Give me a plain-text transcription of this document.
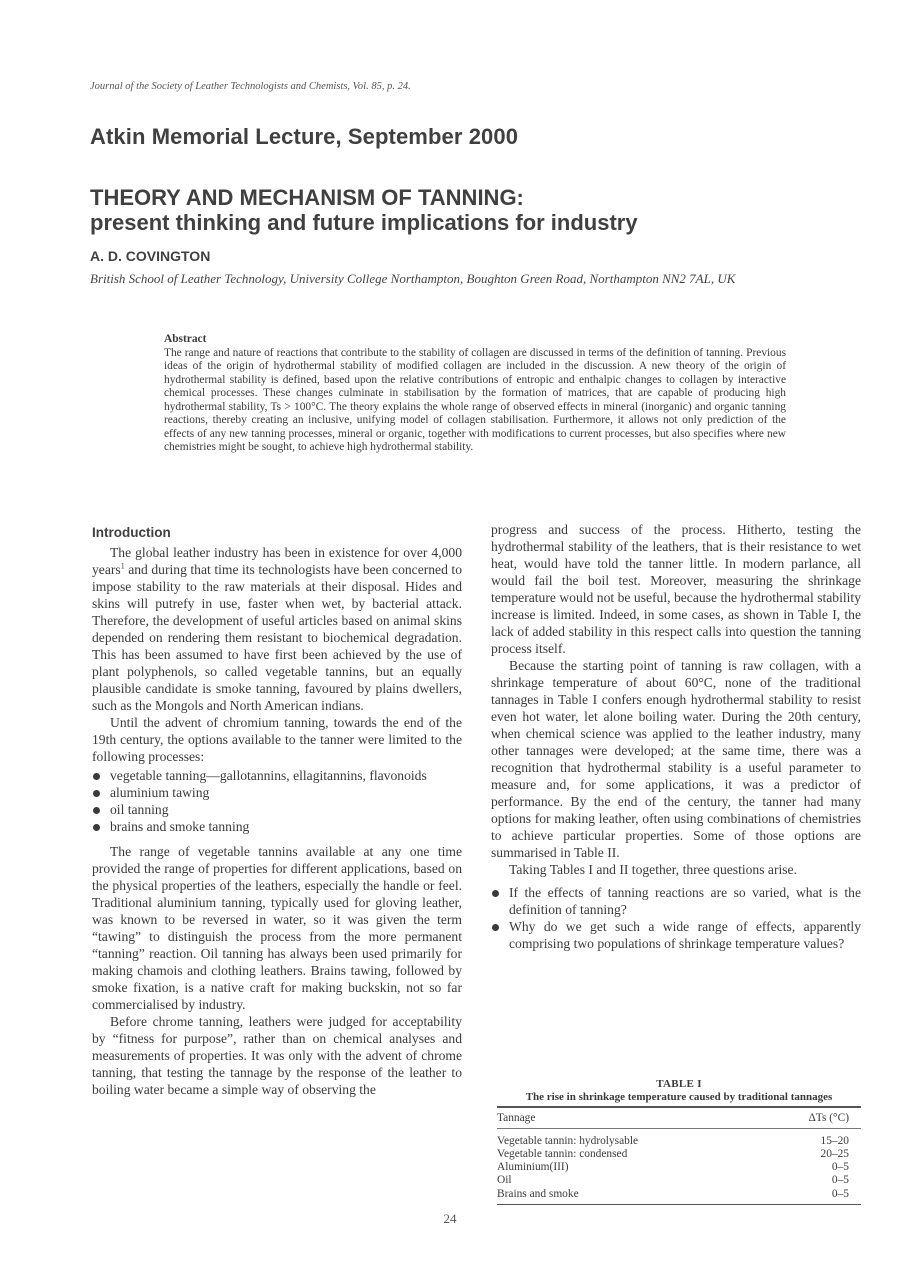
Journal of the Society of Leather Technologists and Chemists, Vol. 85, p. 24.
Atkin Memorial Lecture, September 2000
THEORY AND MECHANISM OF TANNING:
present thinking and future implications for industry
A. D. COVINGTON
British School of Leather Technology, University College Northampton, Boughton Green Road, Northampton NN2 7AL, UK
Abstract
The range and nature of reactions that contribute to the stability of collagen are discussed in terms of the definition of tanning. Previous ideas of the origin of hydrothermal stability of modified collagen are included in the discussion. A new theory of the origin of hydrothermal stability is defined, based upon the relative contributions of entropic and enthalpic changes to collagen by interactive chemical processes. These changes culminate in stabilisation by the formation of matrices, that are capable of producing high hydrothermal stability, Ts > 100°C. The theory explains the whole range of observed effects in mineral (inorganic) and organic tanning reactions, thereby creating an inclusive, unifying model of collagen stabilisation. Furthermore, it allows not only prediction of the effects of any new tanning processes, mineral or organic, together with modifications to current processes, but also specifies where new chemistries might be sought, to achieve high hydrothermal stability.
Introduction

The global leather industry has been in existence for over 4,000 years$^1$ and during that time its technologists have been concerned to impose stability to the raw materials at their disposal. Hides and skins will putrefy in use, faster when wet, by bacterial attack. Therefore, the development of useful articles based on animal skins depended on rendering them resistant to biochemical degradation. This has been assumed to have first been achieved by the use of plant polyphenols, so called vegetable tannins, but an equally plausible candidate is smoke tanning, favoured by plains dwellers, such as the Mongols and North American indians.

Until the advent of chromium tanning, towards the end of the 19th century, the options available to the tanner were limited to the following processes:

vegetable tanning—gallotannins, ellagitannins, flavonoids
aluminium tawing
oil tanning
brains and smoke tanning

The range of vegetable tannins available at any one time provided the range of properties for different applications, based on the physical properties of the leathers, especially the handle or feel. Traditional aluminium tanning, typically used for gloving leather, was known to be reversed in water, so it was given the term “tawing” to distinguish the process from the more permanent “tanning” reaction. Oil tanning has always been used primarily for making chamois and clothing leathers. Brains tawing, followed by smoke fixation, is a native craft for making buckskin, not so far commercialised by industry.

Before chrome tanning, leathers were judged for acceptability by “fitness for purpose”, rather than on chemical analyses and measurements of properties. It was only with the advent of chrome tanning, that testing the tannage by the response of the leather to boiling water became a simple way of observing the

progress and success of the process. Hitherto, testing the hydrothermal stability of the leathers, that is their resistance to wet heat, would have told the tanner little. In modern parlance, all would fail the boil test. Moreover, measuring the shrinkage temperature would not be useful, because the hydrothermal stability increase is limited. Indeed, in some cases, as shown in Table I, the lack of added stability in this respect calls into question the tanning process itself.

Because the starting point of tanning is raw collagen, with a shrinkage temperature of about 60°C, none of the traditional tannages in Table I confers enough hydrothermal stability to resist even hot water, let alone boiling water. During the 20th century, when chemical science was applied to the leather industry, many other tannages were developed; at the same time, there was a recognition that hydrothermal stability is a useful parameter to measure and, for some applications, it was a predictor of performance. By the end of the century, the tanner had many options for making leather, often using combinations of chemistries to achieve particular properties. Some of those options are summarised in Table II.

Taking Tables I and II together, three questions arise.

If the effects of tanning reactions are so varied, what is the definition of tanning?
Why do we get such a wide range of effects, apparently comprising two populations of shrinkage temperature values?
TABLE I
The rise in shrinkage temperature caused by traditional tannages
Tannage	ΔTs (°C)

Vegetable tannin: hydrolysable	15–20
Vegetable tannin: condensed	20–25
Aluminium(III)	0–5
Oil	0–5
Brains and smoke	0–5
24
